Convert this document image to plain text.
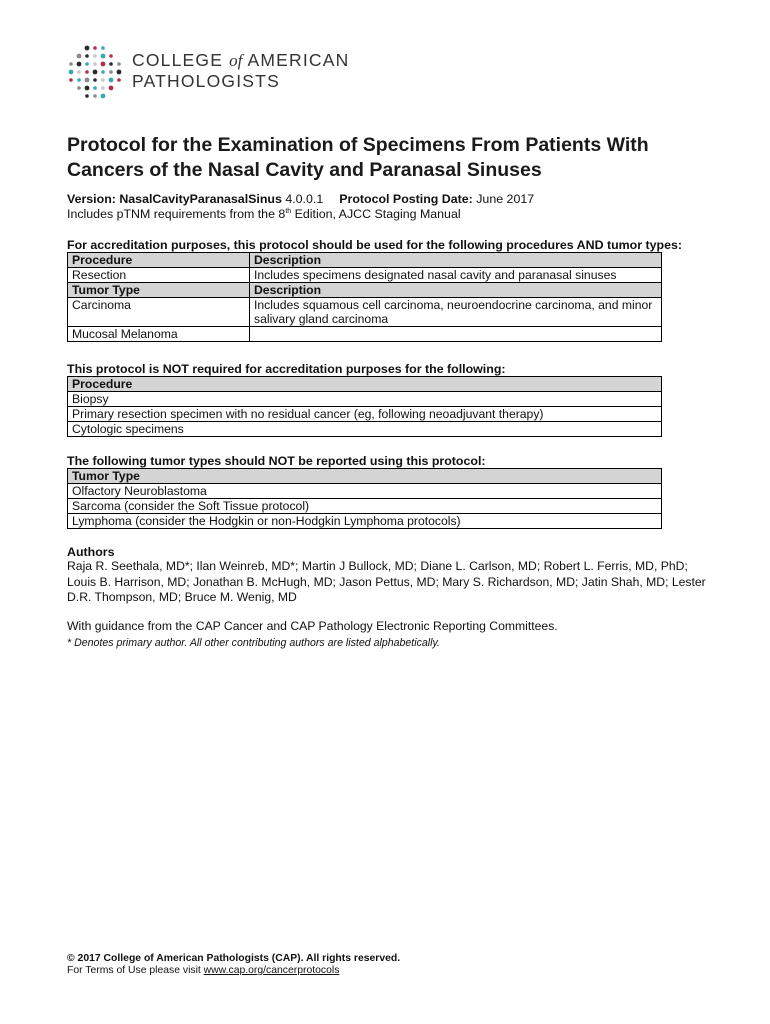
COLLEGE of AMERICAN
PATHOLOGISTS
Protocol for the Examination of Specimens From Patients With Cancers of the Nasal Cavity and Paranasal Sinuses
Version: NasalCavityParanasalSinus 4.0.0.1 Protocol Posting Date: June 2017
Includes pTNM requirements from the 8th Edition, AJCC Staging Manual
For accreditation purposes, this protocol should be used for the following procedures AND tumor types:
Procedure	Description
Resection	Includes specimens designated nasal cavity and paranasal sinuses
Tumor Type	Description
Carcinoma	Includes squamous cell carcinoma, neuroendocrine carcinoma, and minor salivary gland carcinoma
Mucosal Melanoma	
This protocol is NOT required for accreditation purposes for the following:
Procedure
Biopsy
Primary resection specimen with no residual cancer (eg, following neoadjuvant therapy)
Cytologic specimens
The following tumor types should NOT be reported using this protocol:
Tumor Type
Olfactory Neuroblastoma
Sarcoma (consider the Soft Tissue protocol)
Lymphoma (consider the Hodgkin or non-Hodgkin Lymphoma protocols)
Authors
Raja R. Seethala, MD*; Ilan Weinreb, MD*; Martin J Bullock, MD; Diane L. Carlson, MD; Robert L. Ferris, MD, PhD; Louis B. Harrison, MD; Jonathan B. McHugh, MD; Jason Pettus, MD; Mary S. Richardson, MD; Jatin Shah, MD; Lester D.R. Thompson, MD; Bruce M. Wenig, MD
With guidance from the CAP Cancer and CAP Pathology Electronic Reporting Committees.
* Denotes primary author. All other contributing authors are listed alphabetically.
© 2017 College of American Pathologists (CAP). All rights reserved.
For Terms of Use please visit www.cap.org/cancerprotocols
